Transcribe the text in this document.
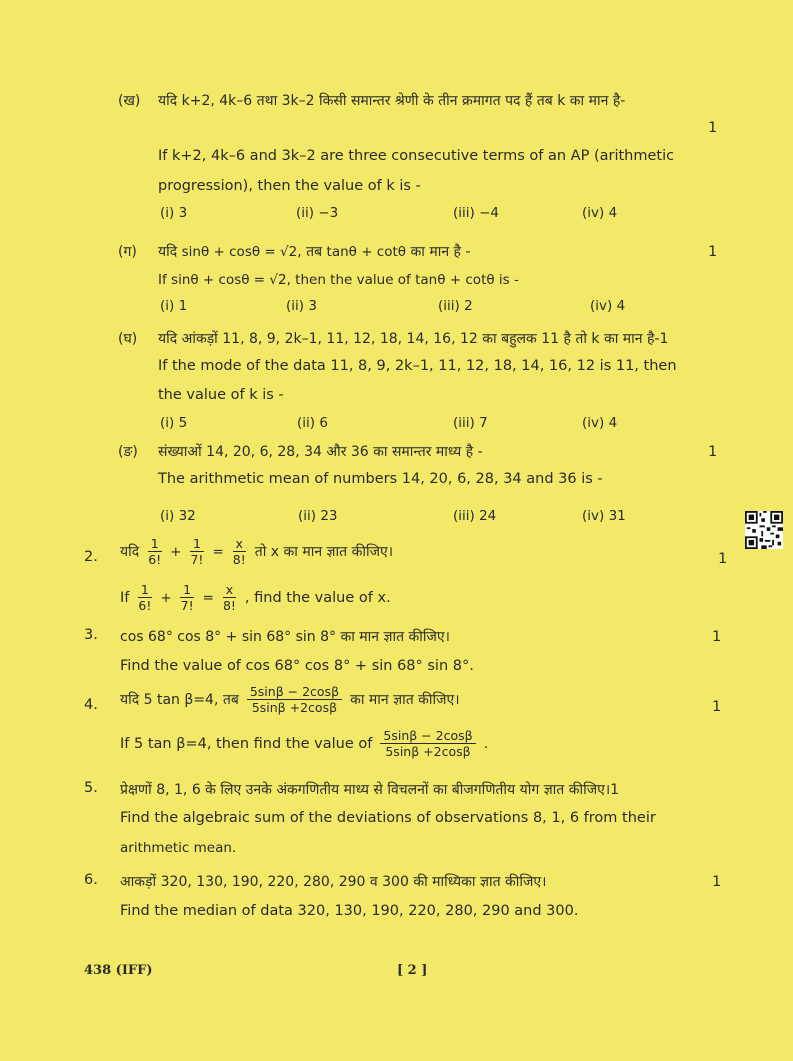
(ख) यदि k+2, 4k–6 तथा 3k–2 किसी समान्तर श्रेणी के तीन क्रमागत पद हैं तब k का मान है-
1
If k+2, 4k–6 and 3k–2 are three consecutive terms of an AP (arithmetic
progression), then the value of k is -
(i) 3	(ii) −3	(iii) −4	(iv) 4
(ग) यदि sinθ + cosθ = √2, तब tanθ + cotθ का मान है -	1
If sinθ + cosθ = √2, then the value of tanθ + cotθ is -
(i) 1	(ii) 3	(iii) 2	(iv) 4
(घ) यदि आंकड़ों 11, 8, 9, 2k–1, 11, 12, 18, 14, 16, 12 का बहुलक 11 है तो k का मान है-1
If the mode of the data 11, 8, 9, 2k–1, 11, 12, 18, 14, 16, 12 is 11, then
the value of k is -
(i) 5	(ii) 6	(iii) 7	(iv) 4
(ङ) संख्याओं 14, 20, 6, 28, 34 और 36 का समान्तर माध्य है -	1
The arithmetic mean of numbers 14, 20, 6, 28, 34 and 36 is -
(i) 32	(ii) 23	(iii) 24	(iv) 31
2. यदि $\frac{1}{6!} + \frac{1}{7!} = \frac{x}{8!}$ तो x का मान ज्ञात कीजिए।	1
If $\frac{1}{6!} + \frac{1}{7!} = \frac{x}{8!}$ , find the value of x.
3. cos 68° cos 8° + sin 68° sin 8° का मान ज्ञात कीजिए।	1
Find the value of cos 68° cos 8° + sin 68° sin 8°.
4. यदि 5 tan β=4, तब $\frac{5\sin\beta - 2\cos\beta}{5\sin\beta +2\cos\beta}$ का मान ज्ञात कीजिए।	1
If 5 tan β=4, then find the value of $\frac{5\sin\beta - 2\cos\beta}{5\sin\beta +2\cos\beta}$ .
5. प्रेक्षणों 8, 1, 6 के लिए उनके अंकगणितीय माध्य से विचलनों का बीजगणितीय योग ज्ञात कीजिए।1
Find the algebraic sum of the deviations of observations 8, 1, 6 from their
arithmetic mean.
6. आकड़ों 320, 130, 190, 220, 280, 290 व 300 की माध्यिका ज्ञात कीजिए।	1
Find the median of data 320, 130, 190, 220, 280, 290 and 300.
438 (IFF)	[ 2 ]
